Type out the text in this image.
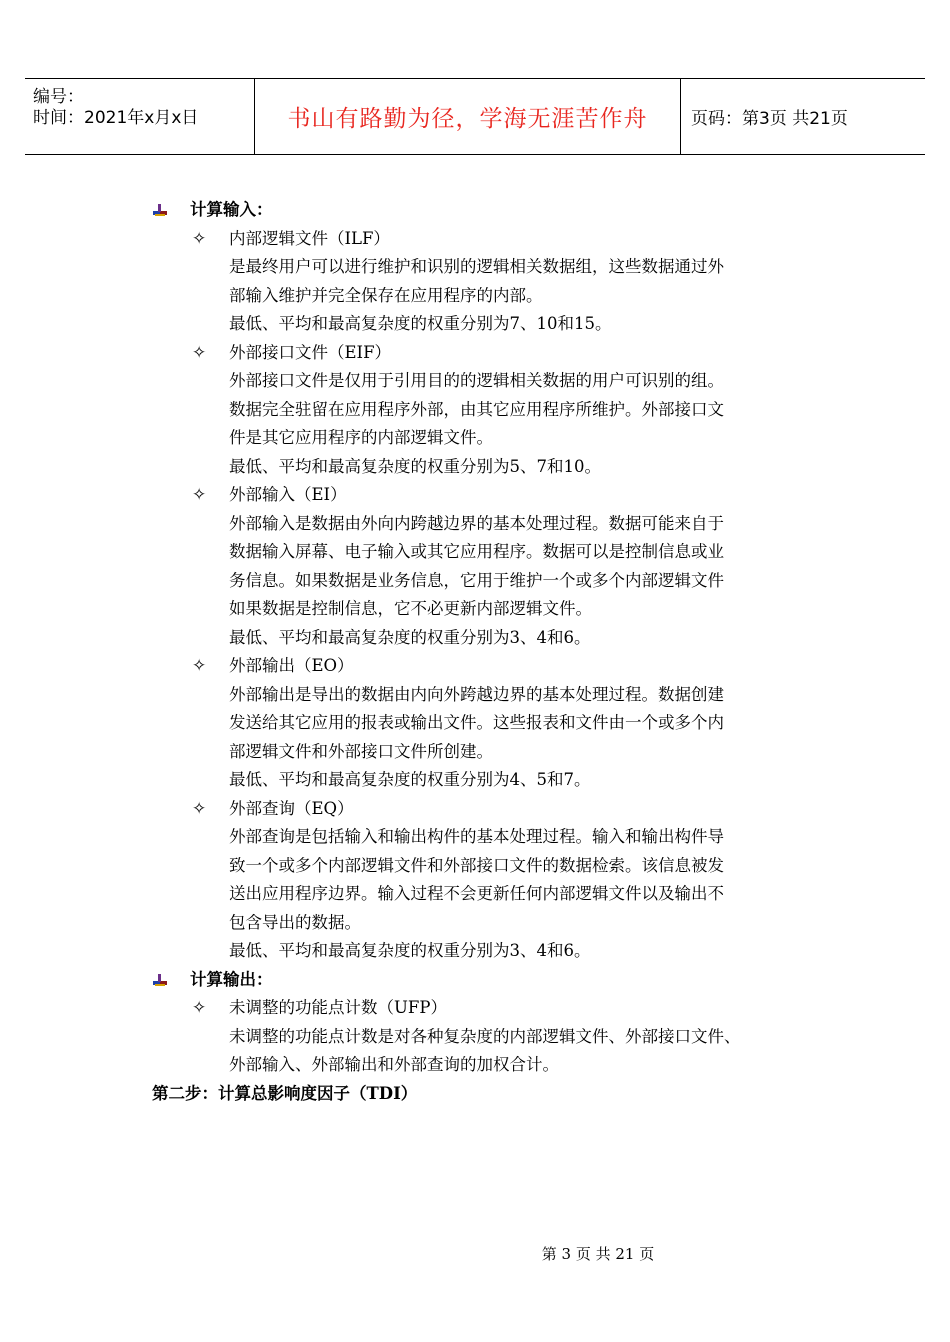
编号：
时间：2021年x月x日	书山有路勤为径，学海无涯苦作舟	页码：第3页 共21页
计算输入：
✧ 内部逻辑文件（ILF）
是最终用户可以进行维护和识别的逻辑相关数据组，这些数据通过外
部输入维护并完全保存在应用程序的内部。
最低、平均和最高复杂度的权重分别为7、10和15。
✧ 外部接口文件（EIF）
外部接口文件是仅用于引用目的的逻辑相关数据的用户可识别的组。
数据完全驻留在应用程序外部，由其它应用程序所维护。外部接口文
件是其它应用程序的内部逻辑文件。
最低、平均和最高复杂度的权重分别为5、7和10。
✧ 外部输入（EI）
外部输入是数据由外向内跨越边界的基本处理过程。数据可能来自于
数据输入屏幕、电子输入或其它应用程序。数据可以是控制信息或业
务信息。如果数据是业务信息，它用于维护一个或多个内部逻辑文件
如果数据是控制信息，它不必更新内部逻辑文件。
最低、平均和最高复杂度的权重分别为3、4和6。
✧ 外部输出（EO）
外部输出是导出的数据由内向外跨越边界的基本处理过程。数据创建
发送给其它应用的报表或输出文件。这些报表和文件由一个或多个内
部逻辑文件和外部接口文件所创建。
最低、平均和最高复杂度的权重分别为4、5和7。
✧ 外部查询（EQ）
外部查询是包括输入和输出构件的基本处理过程。输入和输出构件导
致一个或多个内部逻辑文件和外部接口文件的数据检索。该信息被发
送出应用程序边界。输入过程不会更新任何内部逻辑文件以及输出不
包含导出的数据。
最低、平均和最高复杂度的权重分别为3、4和6。
计算输出：
✧ 未调整的功能点计数（UFP）
未调整的功能点计数是对各种复杂度的内部逻辑文件、外部接口文件、
外部输入、外部输出和外部查询的加权合计。
第二步：计算总影响度因子（TDI）
第 3 页 共 21 页
